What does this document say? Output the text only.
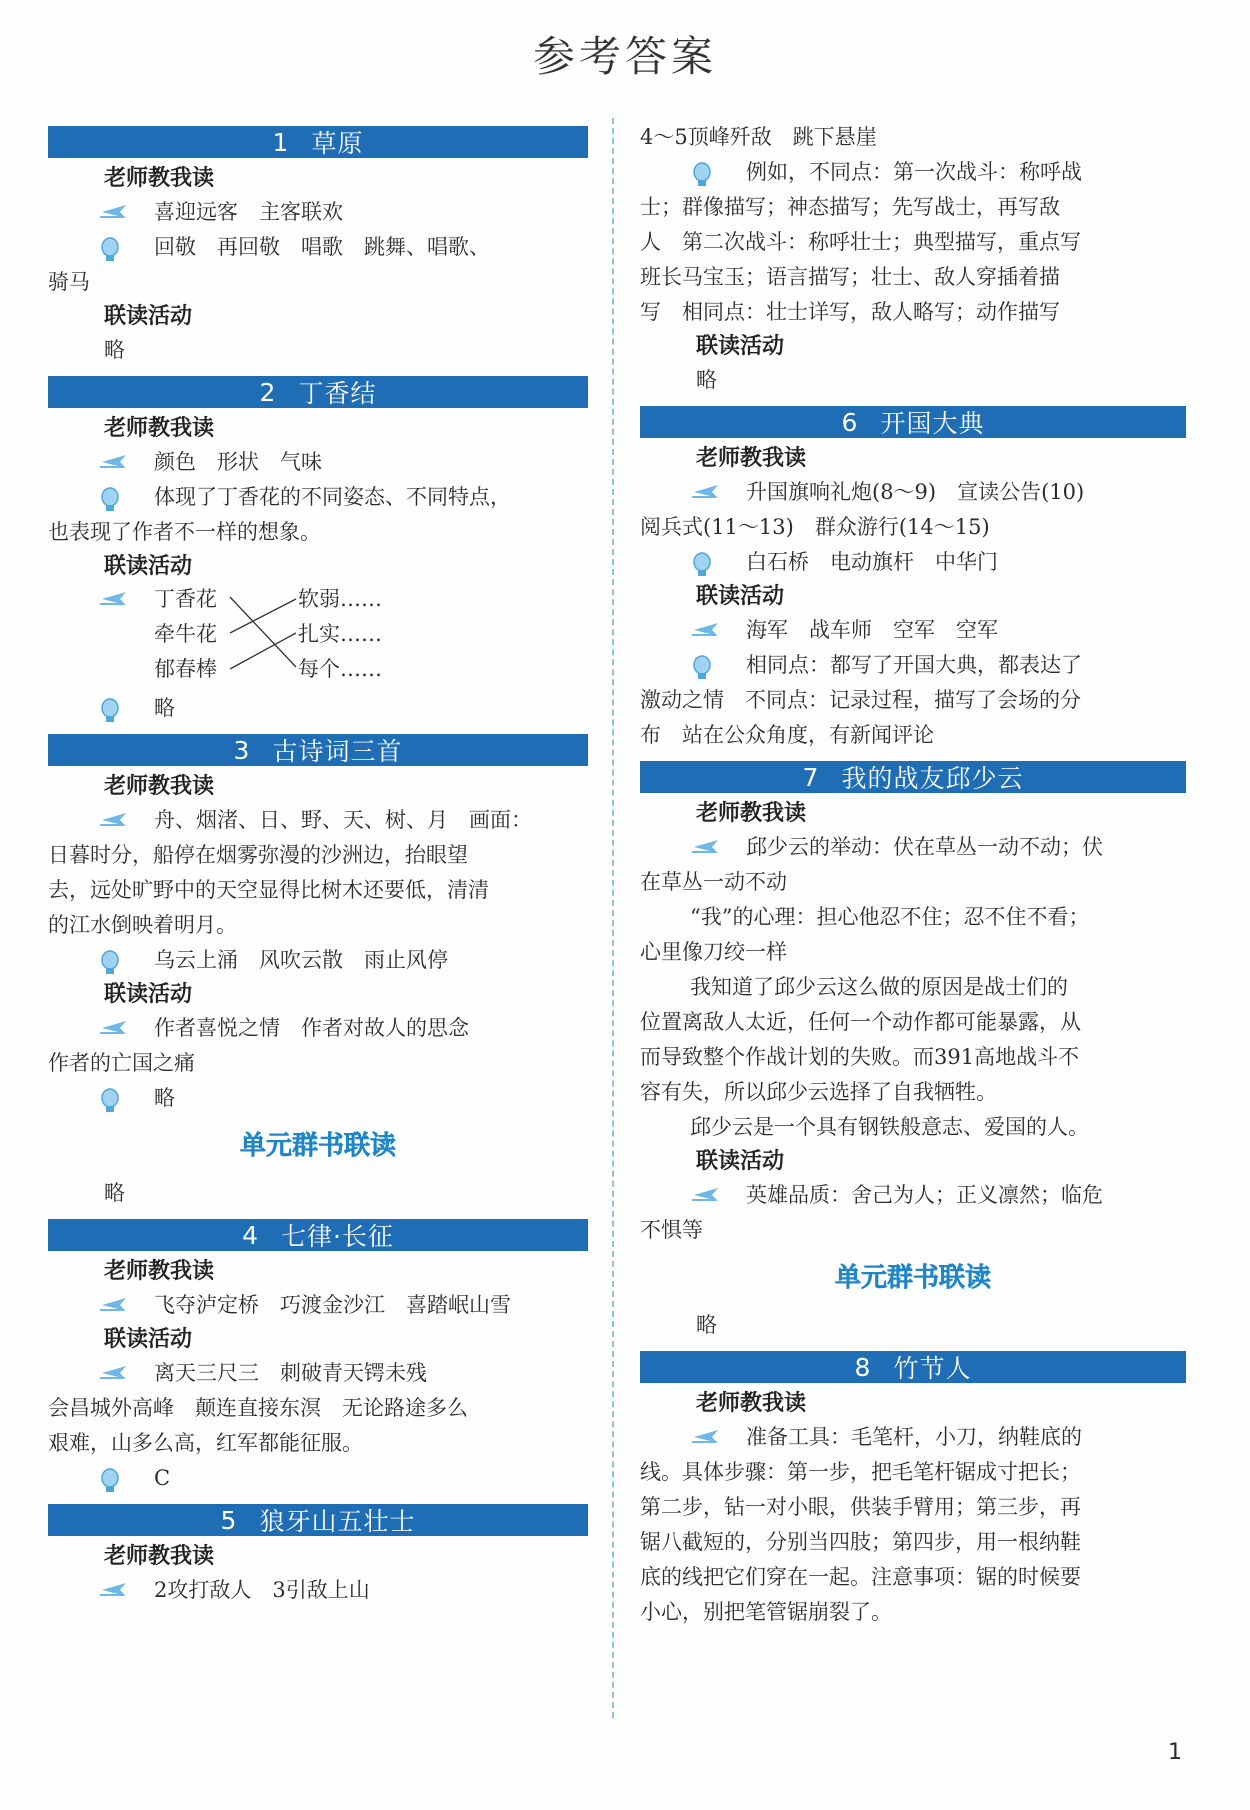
参考答案
1 草原
老师教我读
喜迎远客　主客联欢
回敬　再回敬　唱歌　跳舞、唱歌、
骑马
联读活动
略
2 丁香结
老师教我读
颜色　形状　气味
体现了丁香花的不同姿态、不同特点，
也表现了作者不一样的想象。
联读活动
丁香花
牵牛花
郁春棒
软弱……
扎实……
每个……
略
3 古诗词三首
老师教我读
舟、烟渚、日、野、天、树、月　画面：
日暮时分，船停在烟雾弥漫的沙洲边，抬眼望
去，远处旷野中的天空显得比树木还要低，清清
的江水倒映着明月。
乌云上涌　风吹云散　雨止风停
联读活动
作者喜悦之情　作者对故人的思念
作者的亡国之痛
略
单元群书联读
略
4 七律·长征
老师教我读
飞夺泸定桥　巧渡金沙江　喜踏岷山雪
联读活动
离天三尺三　刺破青天锷未残
会昌城外高峰　颠连直接东溟　无论路途多么
艰难，山多么高，红军都能征服。
C
5 狼牙山五壮士
老师教我读
2攻打敌人　3引敌上山
4～5顶峰歼敌　跳下悬崖
例如，不同点：第一次战斗：称呼战
士；群像描写；神态描写；先写战士，再写敌
人　第二次战斗：称呼壮士；典型描写，重点写
班长马宝玉；语言描写；壮士、敌人穿插着描
写　相同点：壮士详写，敌人略写；动作描写
联读活动
略
6 开国大典
老师教我读
升国旗响礼炮(8～9)　宣读公告(10)
阅兵式(11～13)　群众游行(14～15)
白石桥　电动旗杆　中华门
联读活动
海军　战车师　空军　空军
相同点：都写了开国大典，都表达了
激动之情　不同点：记录过程，描写了会场的分
布　站在公众角度，有新闻评论
7 我的战友邱少云
老师教我读
邱少云的举动：伏在草丛一动不动；伏
在草丛一动不动
“我”的心理：担心他忍不住；忍不住不看；
心里像刀绞一样
我知道了邱少云这么做的原因是战士们的
位置离敌人太近，任何一个动作都可能暴露，从
而导致整个作战计划的失败。而391高地战斗不
容有失，所以邱少云选择了自我牺牲。
邱少云是一个具有钢铁般意志、爱国的人。
联读活动
英雄品质：舍己为人；正义凛然；临危
不惧等
单元群书联读
略
8 竹节人
老师教我读
准备工具：毛笔杆，小刀，纳鞋底的
线。具体步骤：第一步，把毛笔杆锯成寸把长；
第二步，钻一对小眼，供装手臂用；第三步，再
锯八截短的，分别当四肢；第四步，用一根纳鞋
底的线把它们穿在一起。注意事项：锯的时候要
小心，别把笔管锯崩裂了。
1
